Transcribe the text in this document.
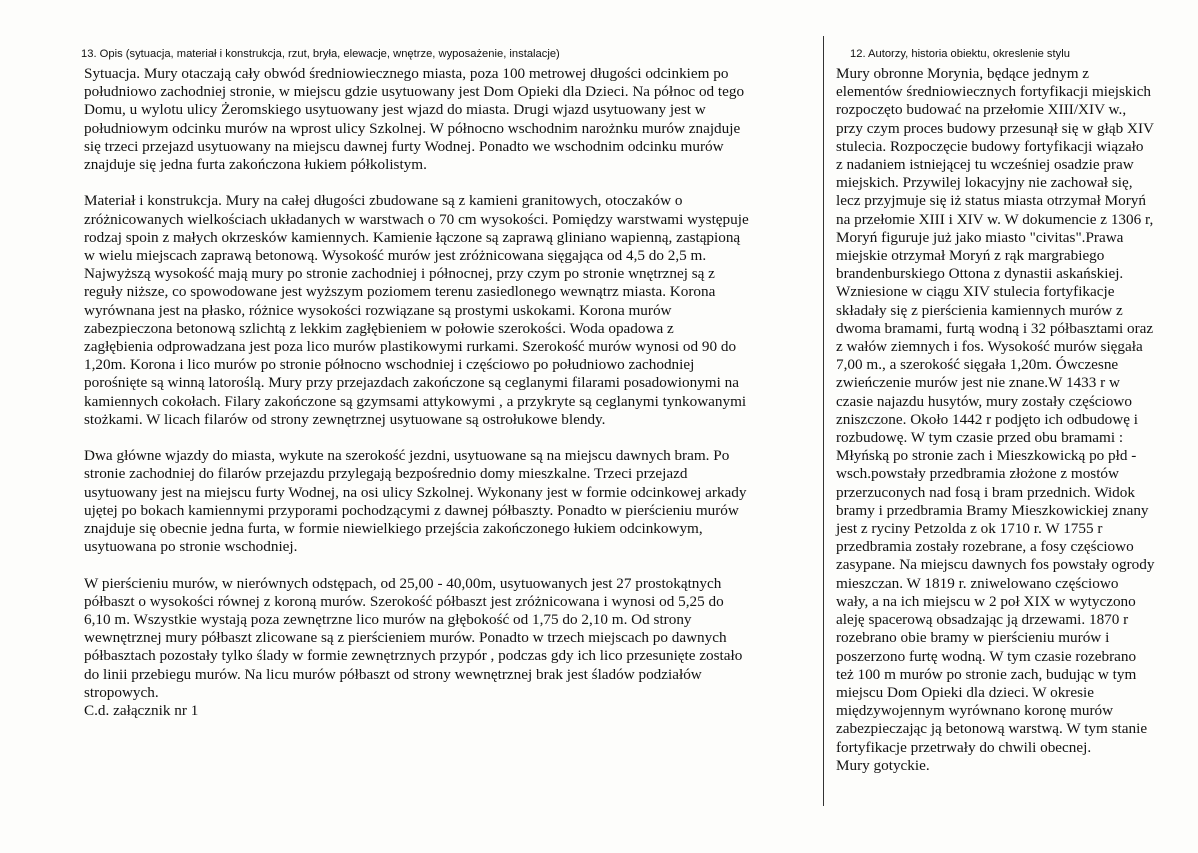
13. Opis (sytuacja, materiał i konstrukcja, rzut, bryła, elewacje, wnętrze, wyposażenie, instalacje)
Sytuacja. Mury otaczają cały obwód średniowiecznego miasta, poza 100 metrowej długości odcinkiem po
południowo zachodniej stronie, w miejscu gdzie usytuowany jest Dom Opieki dla Dzieci. Na północ od tego
Domu, u wylotu ulicy Żeromskiego usytuowany jest wjazd do miasta. Drugi wjazd usytuowany jest w
południowym odcinku murów na wprost ulicy Szkolnej. W północno wschodnim narożnku murów znajduje
się trzeci przejazd usytuowany na miejscu dawnej furty Wodnej. Ponadto we wschodnim odcinku murów
znajduje się jedna furta zakończona łukiem półkolistym.
Materiał i konstrukcja. Mury na całej długości zbudowane są z kamieni granitowych, otoczaków o
zróżnicowanych wielkościach układanych w warstwach o 70 cm wysokości. Pomiędzy warstwami występuje
rodzaj spoin z małych okrzesków kamiennych. Kamienie łączone są zaprawą gliniano wapienną, zastąpioną
w wielu miejscach zaprawą betonową. Wysokość murów jest zróżnicowana sięgająca od 4,5 do 2,5 m.
Najwyższą wysokość mają mury po stronie zachodniej i północnej, przy czym po stronie wnętrznej są z
reguły niższe, co spowodowane jest wyższym poziomem terenu zasiedlonego wewnątrz miasta. Korona
wyrównana jest na płasko, różnice wysokości rozwiązane są prostymi uskokami. Korona murów
zabezpieczona betonową szlichtą z lekkim zagłębieniem w połowie szerokości. Woda opadowa z
zagłębienia odprowadzana jest poza lico murów plastikowymi rurkami. Szerokość murów wynosi od 90 do
1,20m. Korona i lico murów po stronie północno wschodniej i częściowo po południowo zachodniej
porośnięte są winną latoroślą. Mury przy przejazdach zakończone są ceglanymi filarami posadowionymi na
kamiennych cokołach. Filary zakończone są gzymsami attykowymi , a przykryte są ceglanymi tynkowanymi
stożkami. W licach filarów od strony zewnętrznej usytuowane są ostrołukowe blendy.
Dwa główne wjazdy do miasta, wykute na szerokość jezdni, usytuowane są na miejscu dawnych bram. Po
stronie zachodniej do filarów przejazdu przylegają bezpośrednio domy mieszkalne. Trzeci przejazd
usytuowany jest na miejscu furty Wodnej, na osi ulicy Szkolnej. Wykonany jest w formie odcinkowej arkady
ujętej po bokach kamiennymi przyporami pochodzącymi z dawnej półbaszty. Ponadto w pierścieniu murów
znajduje się obecnie jedna furta, w formie niewielkiego przejścia zakończonego łukiem odcinkowym,
usytuowana po stronie wschodniej.
W pierścieniu murów, w nierównych odstępach, od 25,00 - 40,00m, usytuowanych jest 27 prostokątnych
półbaszt o wysokości równej z koroną murów. Szerokość półbaszt jest zróżnicowana i wynosi od 5,25 do
6,10 m. Wszystkie wystają poza zewnętrzne lico murów na głębokość od 1,75 do 2,10 m. Od strony
wewnętrznej mury półbaszt zlicowane są z pierścieniem murów. Ponadto w trzech miejscach po dawnych
półbasztach pozostały tylko ślady w formie zewnętrznych przypór , podczas gdy ich lico przesunięte zostało
do linii przebiegu murów. Na licu murów półbaszt od strony wewnętrznej brak jest śladów podziałów
stropowych.
C.d. załącznik nr 1
12. Autorzy, historia obiektu, okreslenie stylu
Mury obronne Morynia, będące jednym z
elementów średniowiecznych fortyfikacji miejskich
rozpoczęto budować na przełomie XIII/XIV w.,
przy czym proces budowy przesunął się w głąb XIV
stulecia. Rozpoczęcie budowy fortyfikacji wiązało
z nadaniem istniejącej tu wcześniej osadzie praw
miejskich. Przywilej lokacyjny nie zachował się,
lecz przyjmuje się iż status miasta otrzymał Moryń
na przełomie XIII i XIV w. W dokumencie z 1306 r,
Moryń figuruje już jako miasto "civitas".Prawa
miejskie otrzymał Moryń z rąk margrabiego
brandenburskiego Ottona z dynastii askańskiej.
Wzniesione w ciągu XIV stulecia fortyfikacje
składały się z pierścienia kamiennych murów z
dwoma bramami, furtą wodną i 32 półbasztami oraz
z wałów ziemnych i fos. Wysokość murów sięgała
7,00 m., a szerokość sięgała 1,20m. Ówczesne
zwieńczenie murów jest nie znane.W 1433 r w
czasie najazdu husytów, mury zostały częściowo
zniszczone. Około 1442 r podjęto ich odbudowę i
rozbudowę. W tym czasie przed obu bramami :
Młyńską po stronie zach i Mieszkowicką po płd -
wsch.powstały przedbramia złożone z mostów
przerzuconych nad fosą i bram przednich. Widok
bramy i przedbramia Bramy Mieszkowickiej znany
jest z ryciny Petzolda z ok 1710 r. W 1755 r
przedbramia zostały rozebrane, a fosy częściowo
zasypane. Na miejscu dawnych fos powstały ogrody
mieszczan. W 1819 r. zniwelowano częściowo
wały, a na ich miejscu w 2 poł XIX w wytyczono
aleję spacerową obsadzając ją drzewami. 1870 r
rozebrano obie bramy w pierścieniu murów i
poszerzono furtę wodną. W tym czasie rozebrano
też 100 m murów po stronie zach, budując w tym
miejscu Dom Opieki dla dzieci. W okresie
międzywojennym wyrównano koronę murów
zabezpieczając ją betonową warstwą. W tym stanie
fortyfikacje przetrwały do chwili obecnej.
Mury gotyckie.
